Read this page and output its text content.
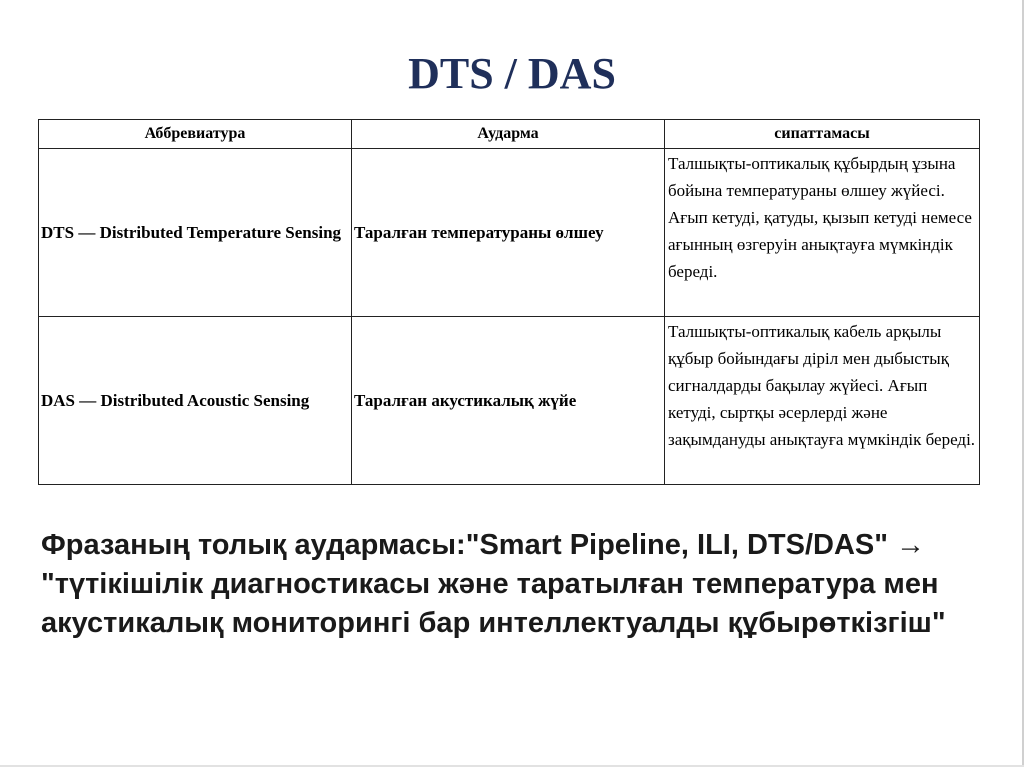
DTS / DAS
Аббревиатура	Аударма	сипаттамасы
DTS — Distributed Temperature Sensing	Таралған температураны өлшеу	Талшықты-оптикалық құбырдың ұзына бойына температураны өлшеу жүйесі. Ағып кетуді, қатуды, қызып кетуді немесе ағынның өзгеруін анықтауға мүмкіндік береді.
DAS — Distributed Acoustic Sensing	Таралған акустикалық жүйе	Талшықты-оптикалық кабель арқылы құбыр бойындағы діріл мен дыбыстық сигналдарды бақылау жүйесі. Ағып кетуді, сыртқы әсерлерді және зақымдануды анықтауға мүмкіндік береді.

Фразаның толық аудармасы:"Smart Pipeline, ILI, DTS/DAS" → "түтікішілік диагностикасы және таратылған температура мен акустикалық мониторингі бар интеллектуалды құбырөткізгіш"
